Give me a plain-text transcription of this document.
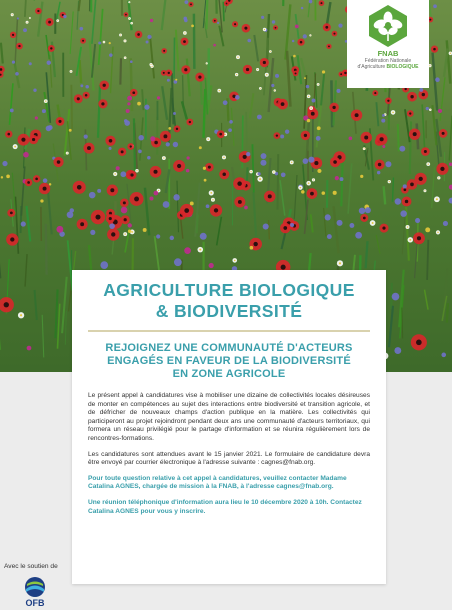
FNAB
Fédération Nationale
d'Agriculture BIOLOGIQUE
AGRICULTURE BIOLOGIQUE
& BIODIVERSITÉ
REJOIGNEZ UNE COMMUNAUTÉ D'ACTEURS
ENGAGÉS EN FAVEUR DE LA BIODIVERSITÉ
EN ZONE AGRICOLE

Le présent appel à candidatures vise à mobiliser une dizaine de collectivités locales désireuses de monter en compétences au sujet des interactions entre biodiversité et transition agricole, et de défricher de nouveaux champs d'action publique en la matière. Les collectivités qui participeront au projet rejoindront pendant deux ans une communauté d'acteurs territoriaux, qui formera un réseau privilégié pour le partage d'information et se réunira régulièrement lors de rencontres-formations.

Les candidatures sont attendues avant le 15 janvier 2021. Le formulaire de candidature devra être envoyé par courrier électronique à l'adresse suivante : cagnes@fnab.org.

Pour toute question relative à cet appel à candidatures, veuillez contacter Madame Catalina AGNES, chargée de mission à la FNAB, à l'adresse cagnes@fnab.org.

Une réunion téléphonique d'information aura lieu le 10 décembre 2020 à 10h. Contactez Catalina AGNES pour vous y inscrire.

Avec le soutien de
OFB
